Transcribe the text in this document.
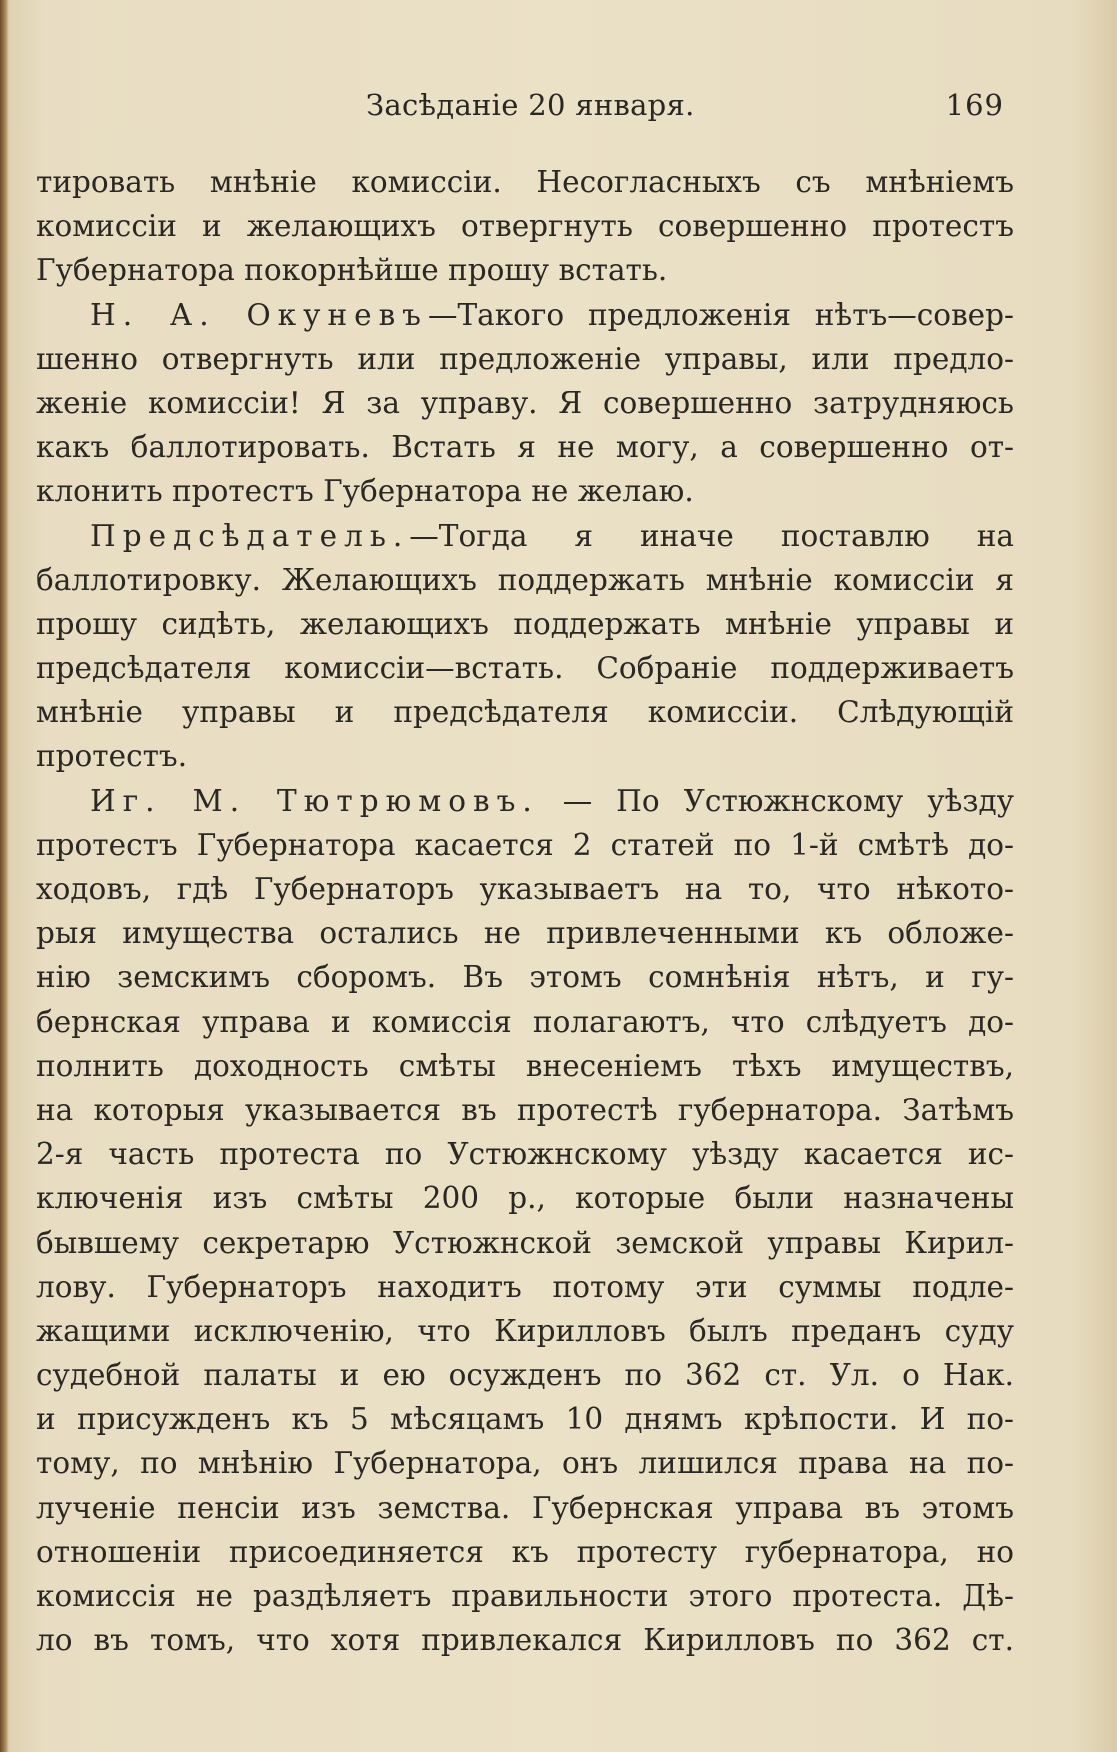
Засѣданіе 20 января.	169
тировать мнѣніе комиссіи. Несогласныхъ съ мнѣніемъ
комиссіи и желающихъ отвергнуть совершенно протестъ
Губернатора покорнѣйше прошу встать.
Н. А. Окуневъ—Такого предложенія нѣтъ—совер-
шенно отвергнуть или предложеніе управы, или предло-
женіе комиссіи! Я за управу. Я совершенно затрудняюсь
какъ баллотировать. Встать я не могу, а совершенно от-
клонить протестъ Губернатора не желаю.
Предсѣдатель.—Тогда я иначе поставлю на
баллотировку. Желающихъ поддержать мнѣніе комиссіи я
прошу сидѣть, желающихъ поддержать мнѣніе управы и
предсѣдателя комиссіи—встать. Собраніе поддерживаетъ
мнѣніе управы и предсѣдателя комиссіи. Слѣдующій
протестъ.
Иг. М. Тютрюмовъ. — По Устюжнскому уѣзду
протестъ Губернатора касается 2 статей по 1-й смѣтѣ до-
ходовъ, гдѣ Губернаторъ указываетъ на то, что нѣкото-
рыя имущества остались не привлеченными къ обложе-
нію земскимъ сборомъ. Въ этомъ сомнѣнія нѣтъ, и гу-
бернская управа и комиссія полагаютъ, что слѣдуетъ до-
полнить доходность смѣты внесеніемъ тѣхъ имуществъ,
на которыя указывается въ протестѣ губернатора. Затѣмъ
2-я часть протеста по Устюжнскому уѣзду касается ис-
ключенія изъ смѣты 200 р., которые были назначены
бывшему секретарю Устюжнской земской управы Кирил-
лову. Губернаторъ находитъ потому эти суммы подле-
жащими исключенію, что Кирилловъ былъ преданъ суду
судебной палаты и ею осужденъ по 362 ст. Ул. о Нак.
и присужденъ къ 5 мѣсяцамъ 10 днямъ крѣпости. И по-
тому, по мнѣнію Губернатора, онъ лишился права на по-
лученіе пенсіи изъ земства. Губернская управа въ этомъ
отношеніи присоединяется къ протесту губернатора, но
комиссія не раздѣляетъ правильности этого протеста. Дѣ-
ло въ томъ, что хотя привлекался Кирилловъ по 362 ст.
